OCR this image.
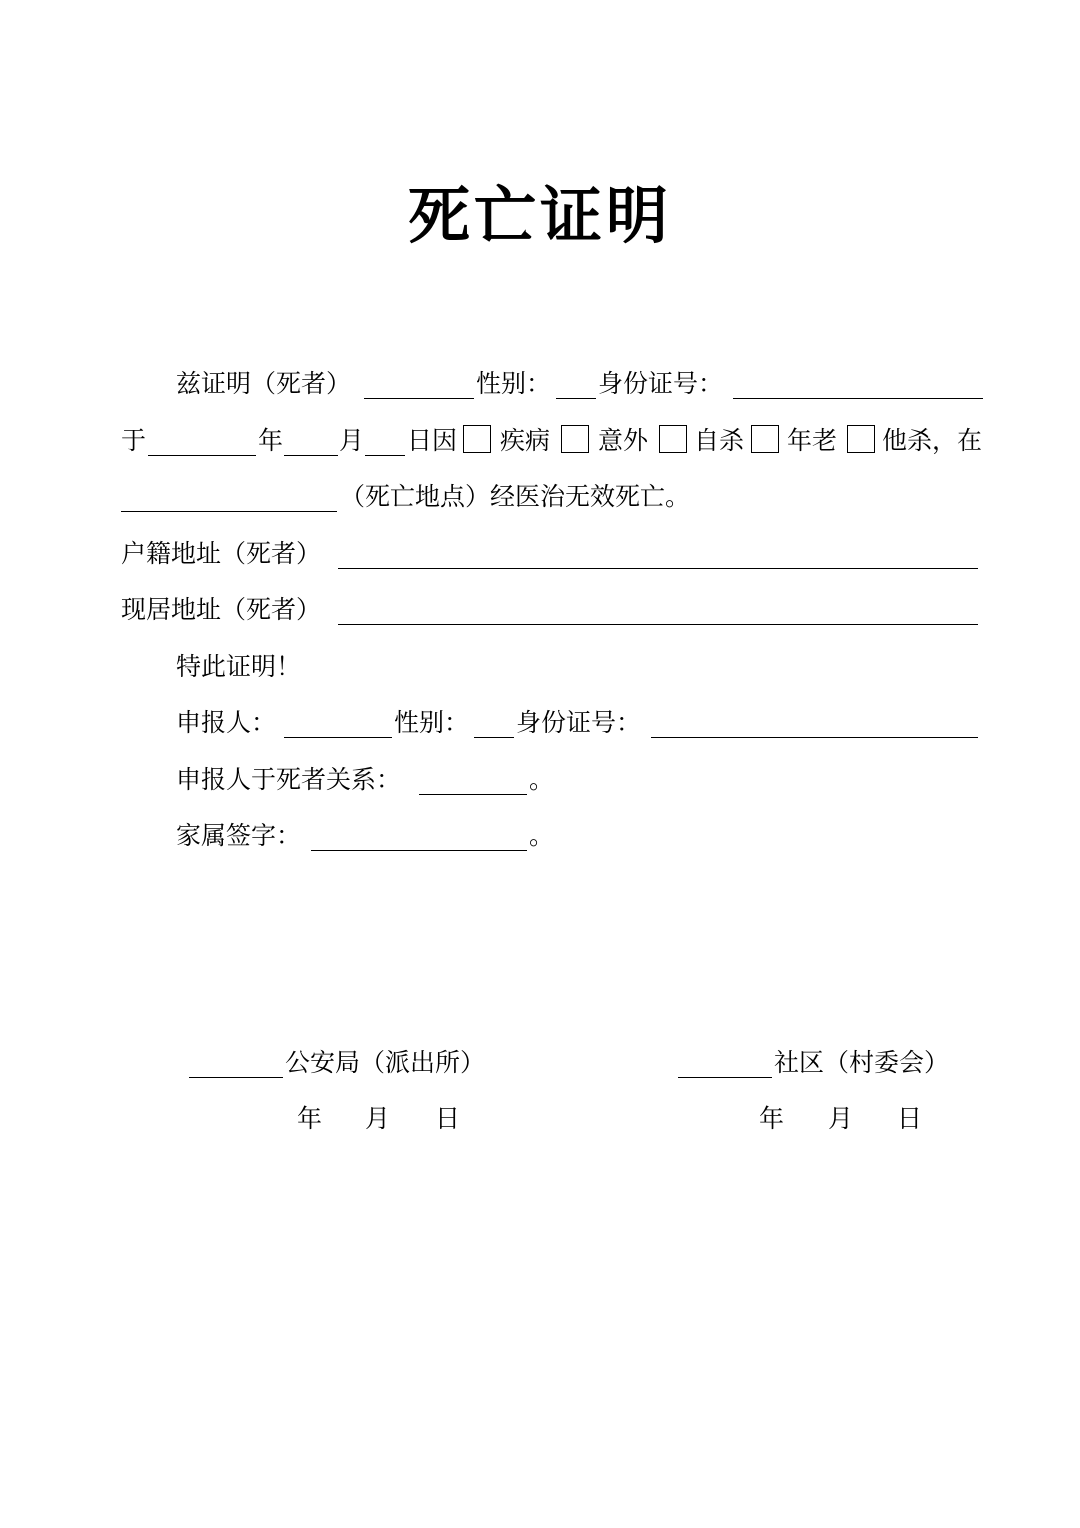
死亡证明
兹证明（死者）	性别： 身份证号：
于	年 月 日因 疾病 意外 自杀 年老 他杀，在
（死亡地点）经医治无效死亡。
户籍地址（死者）
现居地址（死者）
特此证明！
申报人：	性别： 身份证号：
申报人于死者关系：	。
家属签字：	。
公安局（派出所）
年 月 日
社区（村委会）
年 月 日
